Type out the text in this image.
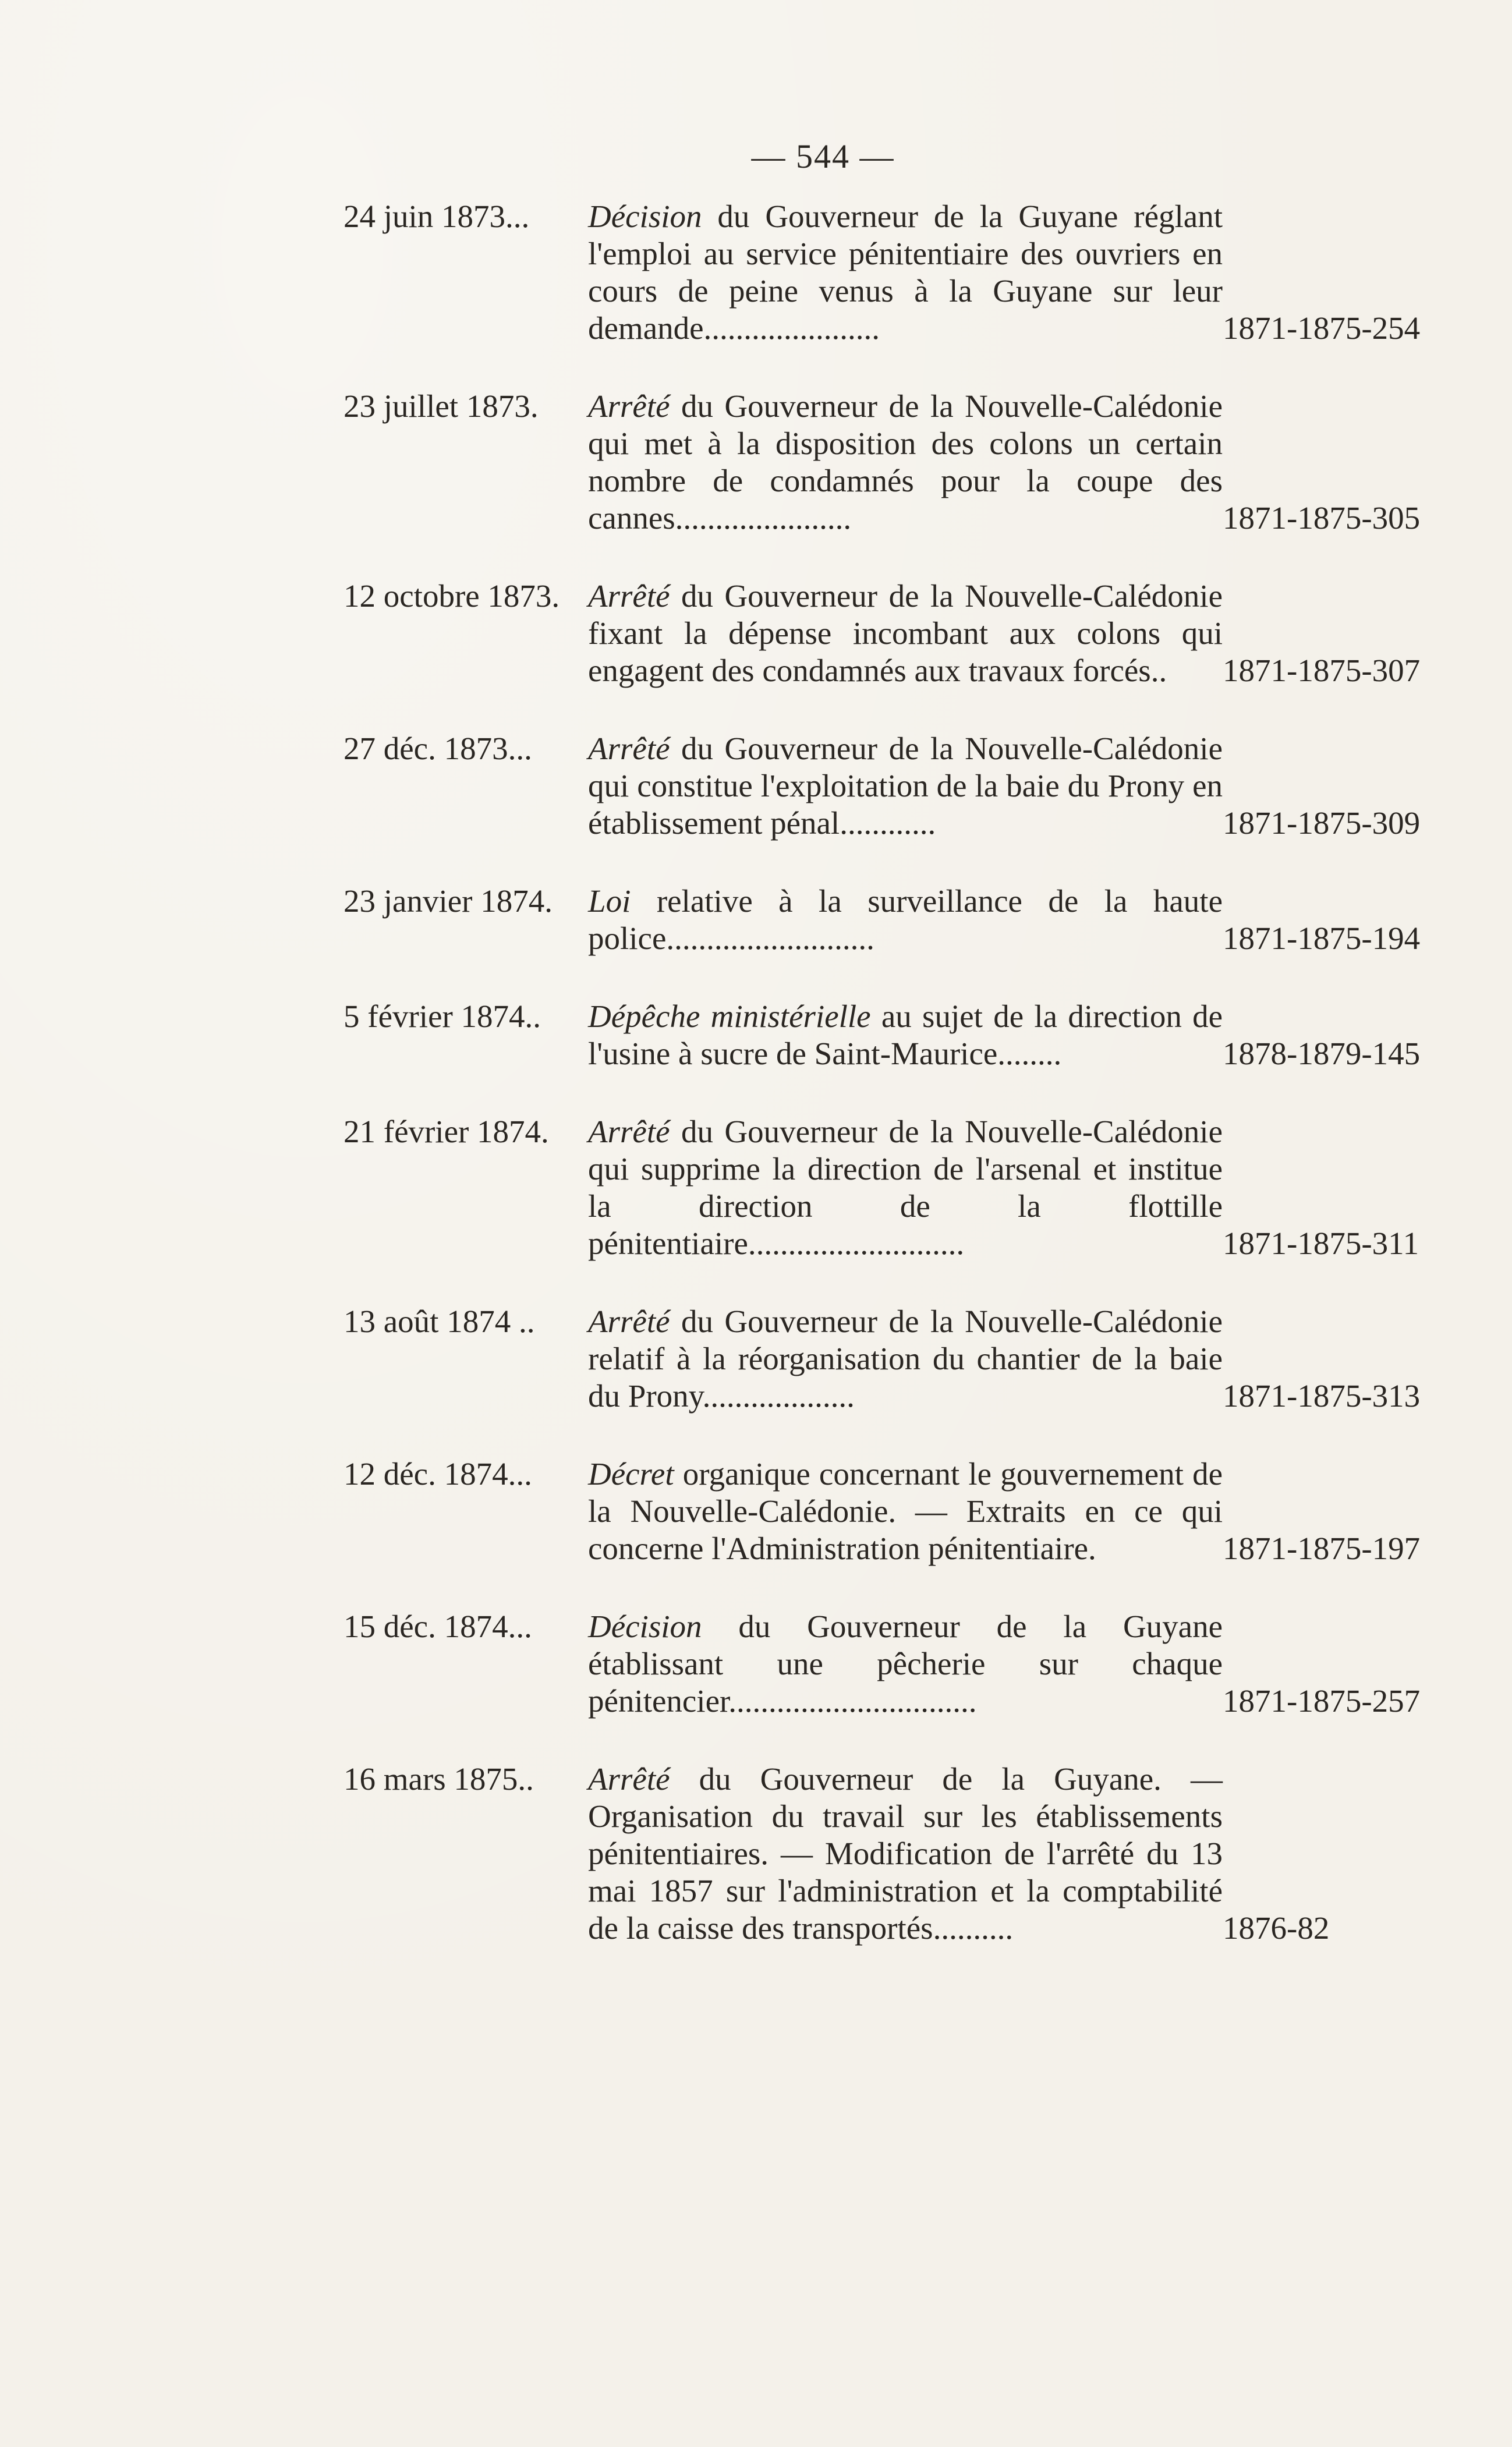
— 544 —
24 juin 1873...	Décision du Gouverneur de la Guyane réglant l'emploi au service pénitentiaire des ouvriers en cours de peine venus à la Guyane sur leur demande......................	1871-1875-254
23 juillet 1873.	Arrêté du Gouverneur de la Nouvelle-Calédonie qui met à la disposition des colons un certain nombre de condamnés pour la coupe des cannes......................	1871-1875-305
12 octobre 1873. Arrêté du Gouverneur de la Nouvelle-Calédonie fixant la dépense incombant aux colons qui engagent des condamnés aux travaux forcés..	1871-1875-307
27 déc. 1873...	Arrêté du Gouverneur de la Nouvelle-Calédonie qui constitue l'exploitation de la baie du Prony en établissement pénal............	1871-1875-309
23 janvier 1874.	Loi relative à la surveillance de la haute police..........................	1871-1875-194
5 février 1874..	Dépêche ministérielle au sujet de la direction de l'usine à sucre de Saint-Maurice........	1878-1879-145
21 février 1874.	Arrêté du Gouverneur de la Nouvelle-Calédonie qui supprime la direction de l'arsenal et institue la direction de la flottille pénitentiaire...........................	1871-1875-311
13 août 1874 ..	Arrêté du Gouverneur de la Nouvelle-Calédonie relatif à la réorganisation du chantier de la baie du Prony...................	1871-1875-313
12 déc. 1874...	Décret organique concernant le gouvernement de la Nouvelle-Calédonie. — Extraits en ce qui concerne l'Administration pénitentiaire.	1871-1875-197
15 déc. 1874...	Décision du Gouverneur de la Guyane établissant une pêcherie sur chaque pénitencier...............................	1871-1875-257
16 mars 1875..	Arrêté du Gouverneur de la Guyane. — Organisation du travail sur les établissements pénitentiaires. — Modification de l'arrêté du 13 mai 1857 sur l'administration et la comptabilité de la caisse des transportés..........	1876-82
